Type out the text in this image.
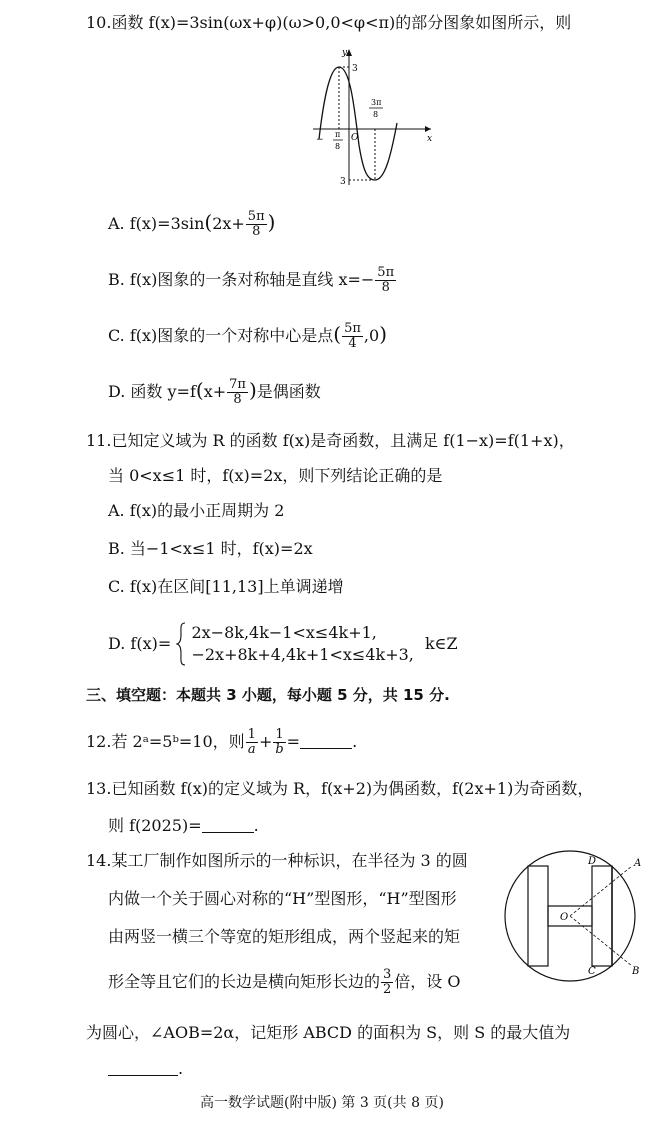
10.函数 f(x)=3sin(ωx+φ)(ω>0,0<φ<π)的部分图象如图所示，则
y
x
O
3
3
−
π
8
3π
8
A. $f(x)=3\sin(2x+ \frac{5\pi}{8}$ )
B. f(x)图象的一条对称轴是直线 $x=- \frac{5\pi}{8}$
C. f(x)图象的一个对称中心是点( $\frac{5\pi}{4} ,0$)
D. 函数 $y=f(x+ \frac{7\pi}{8}$ )是偶函数
11.已知定义域为 R 的函数 f(x)是奇函数，且满足 f(1−x)=f(1+x)，
当 0<x≤1 时，f(x)=2x，则下列结论正确的是
A. f(x)的最小正周期为 2
B. 当−1<x≤1 时，f(x)=2x
C. f(x)在区间[11,13]上单调递增
D. f(x)=
2x−8k,4k−1<x≤4k+1,
−2x+8k+4,4k+1<x≤4k+3,
k∈Z
三、填空题：本题共 3 小题，每小题 5 分，共 15 分.
12.若 2ᵃ=5ᵇ=10，则 $\frac{1}{a} + \frac{1}{b}$ =	.
13.已知函数 f(x)的定义域为 R，f(x+2)为偶函数，f(2x+1)为奇函数，
则 f(2025)=	.
14.某工厂制作如图所示的一种标识，在半径为 3 的圆
内做一个关于圆心对称的“H”型图形，“H”型图形
由两竖一横三个等宽的矩形组成，两个竖起来的矩
形全等且它们的长边是横向矩形长边的 $\frac{3}{2}$ 倍，设 O
为圆心，∠AOB=2α，记矩形 ABCD 的面积为 S，则 S 的最大值为
.
A
B
C
D
O
高一数学试题(附中版) 第 3 页(共 8 页)
